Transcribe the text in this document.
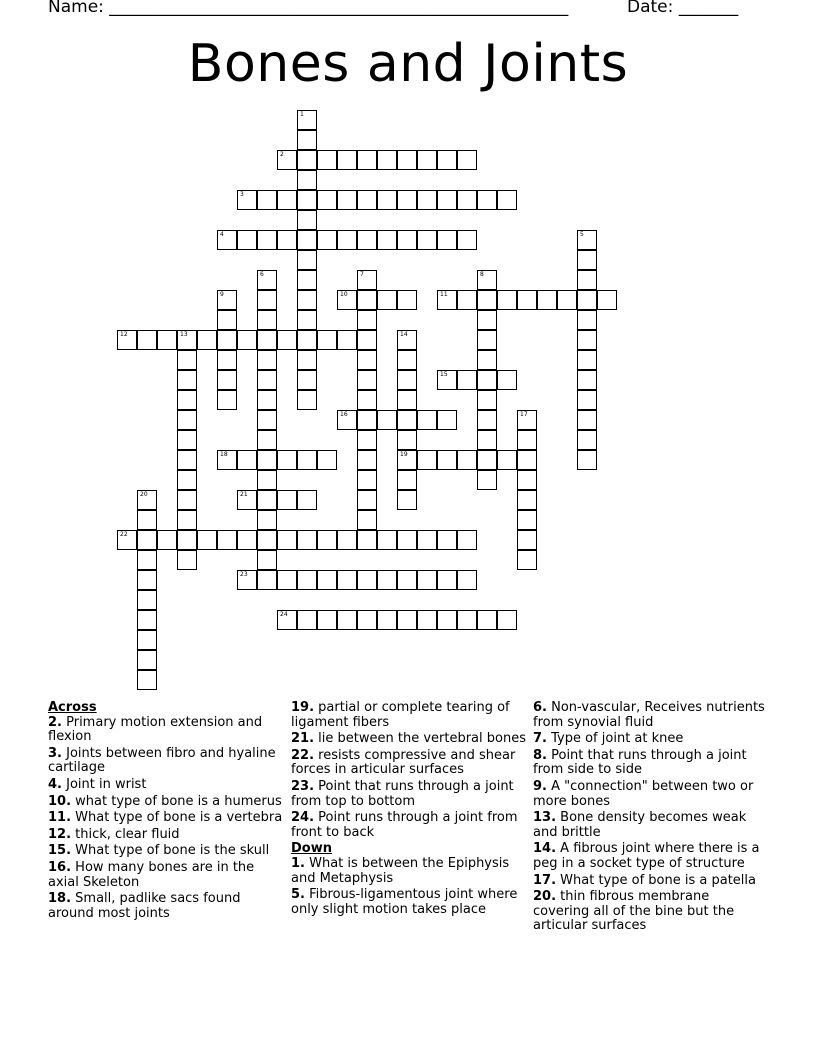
Name: ______________________________________________________	Date: _______
Bones and Joints
1
2
3
4	5
6	7	8
9	10	11
12	13	14
19
15
16	17
18
20	21
22
23
24
Across
2. Primary motion extension and flexion
3. Joints between fibro and hyaline cartilage
4. Joint in wrist
10. what type of bone is a humerus
11. What type of bone is a vertebra
12. thick, clear fluid
15. What type of bone is the skull
16. How many bones are in the axial Skeleton
18. Small, padlike sacs found around most joints
19. partial or complete tearing of ligament fibers
21. lie between the vertebral bones
22. resists compressive and shear forces in articular surfaces
23. Point that runs through a joint from top to bottom
24. Point runs through a joint from front to back
Down
1. What is between the Epiphysis and Metaphysis
5. Fibrous-ligamentous joint where only slight motion takes place
6. Non-vascular, Receives nutrients from synovial fluid
7. Type of joint at knee
8. Point that runs through a joint from side to side
9. A "connection" between two or more bones
13. Bone density becomes weak and brittle
14. A fibrous joint where there is a peg in a socket type of structure
17. What type of bone is a patella
20. thin fibrous membrane covering all of the bine but the articular surfaces
